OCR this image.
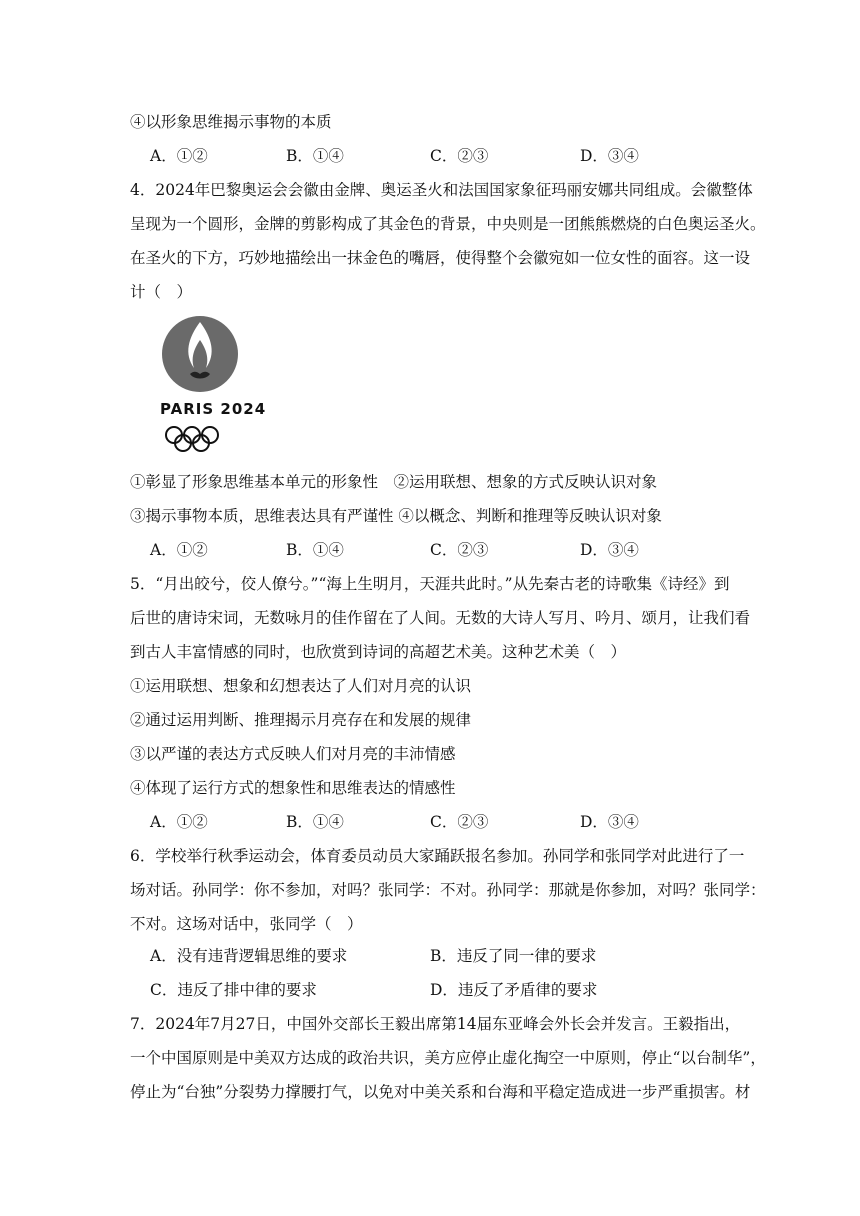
④以形象思维揭示事物的本质
A．①②	B．①④	C．②③	D．③④
4．2024年巴黎奥运会会徽由金牌、奥运圣火和法国国家象征玛丽安娜共同组成。会徽整体
呈现为一个圆形，金牌的剪影构成了其金色的背景，中央则是一团熊熊燃烧的白色奥运圣火。
在圣火的下方，巧妙地描绘出一抹金色的嘴唇，使得整个会徽宛如一位女性的面容。这一设
计（　）
PARIS 2024
①彰显了形象思维基本单元的形象性　②运用联想、想象的方式反映认识对象
③揭示事物本质，思维表达具有严谨性 ④以概念、判断和推理等反映认识对象
A．①②	B．①④	C．②③	D．③④
5．“月出皎兮，佼人僚兮。”“海上生明月，天涯共此时。”从先秦古老的诗歌集《诗经》到
后世的唐诗宋词，无数咏月的佳作留在了人间。无数的大诗人写月、吟月、颂月，让我们看
到古人丰富情感的同时，也欣赏到诗词的高超艺术美。这种艺术美（　）
①运用联想、想象和幻想表达了人们对月亮的认识
②通过运用判断、推理揭示月亮存在和发展的规律
③以严谨的表达方式反映人们对月亮的丰沛情感
④体现了运行方式的想象性和思维表达的情感性
A．①②	B．①④	C．②③	D．③④
6．学校举行秋季运动会，体育委员动员大家踊跃报名参加。孙同学和张同学对此进行了一
场对话。孙同学：你不参加，对吗？张同学：不对。孙同学：那就是你参加，对吗？张同学：
不对。这场对话中，张同学（　）
A．没有违背逻辑思维的要求	B．违反了同一律的要求
C．违反了排中律的要求	D．违反了矛盾律的要求
7．2024年7月27日，中国外交部长王毅出席第14届东亚峰会外长会并发言。王毅指出，
一个中国原则是中美双方达成的政治共识，美方应停止虚化掏空一中原则，停止“以台制华”，
停止为“台独”分裂势力撑腰打气，以免对中美关系和台海和平稳定造成进一步严重损害。材
